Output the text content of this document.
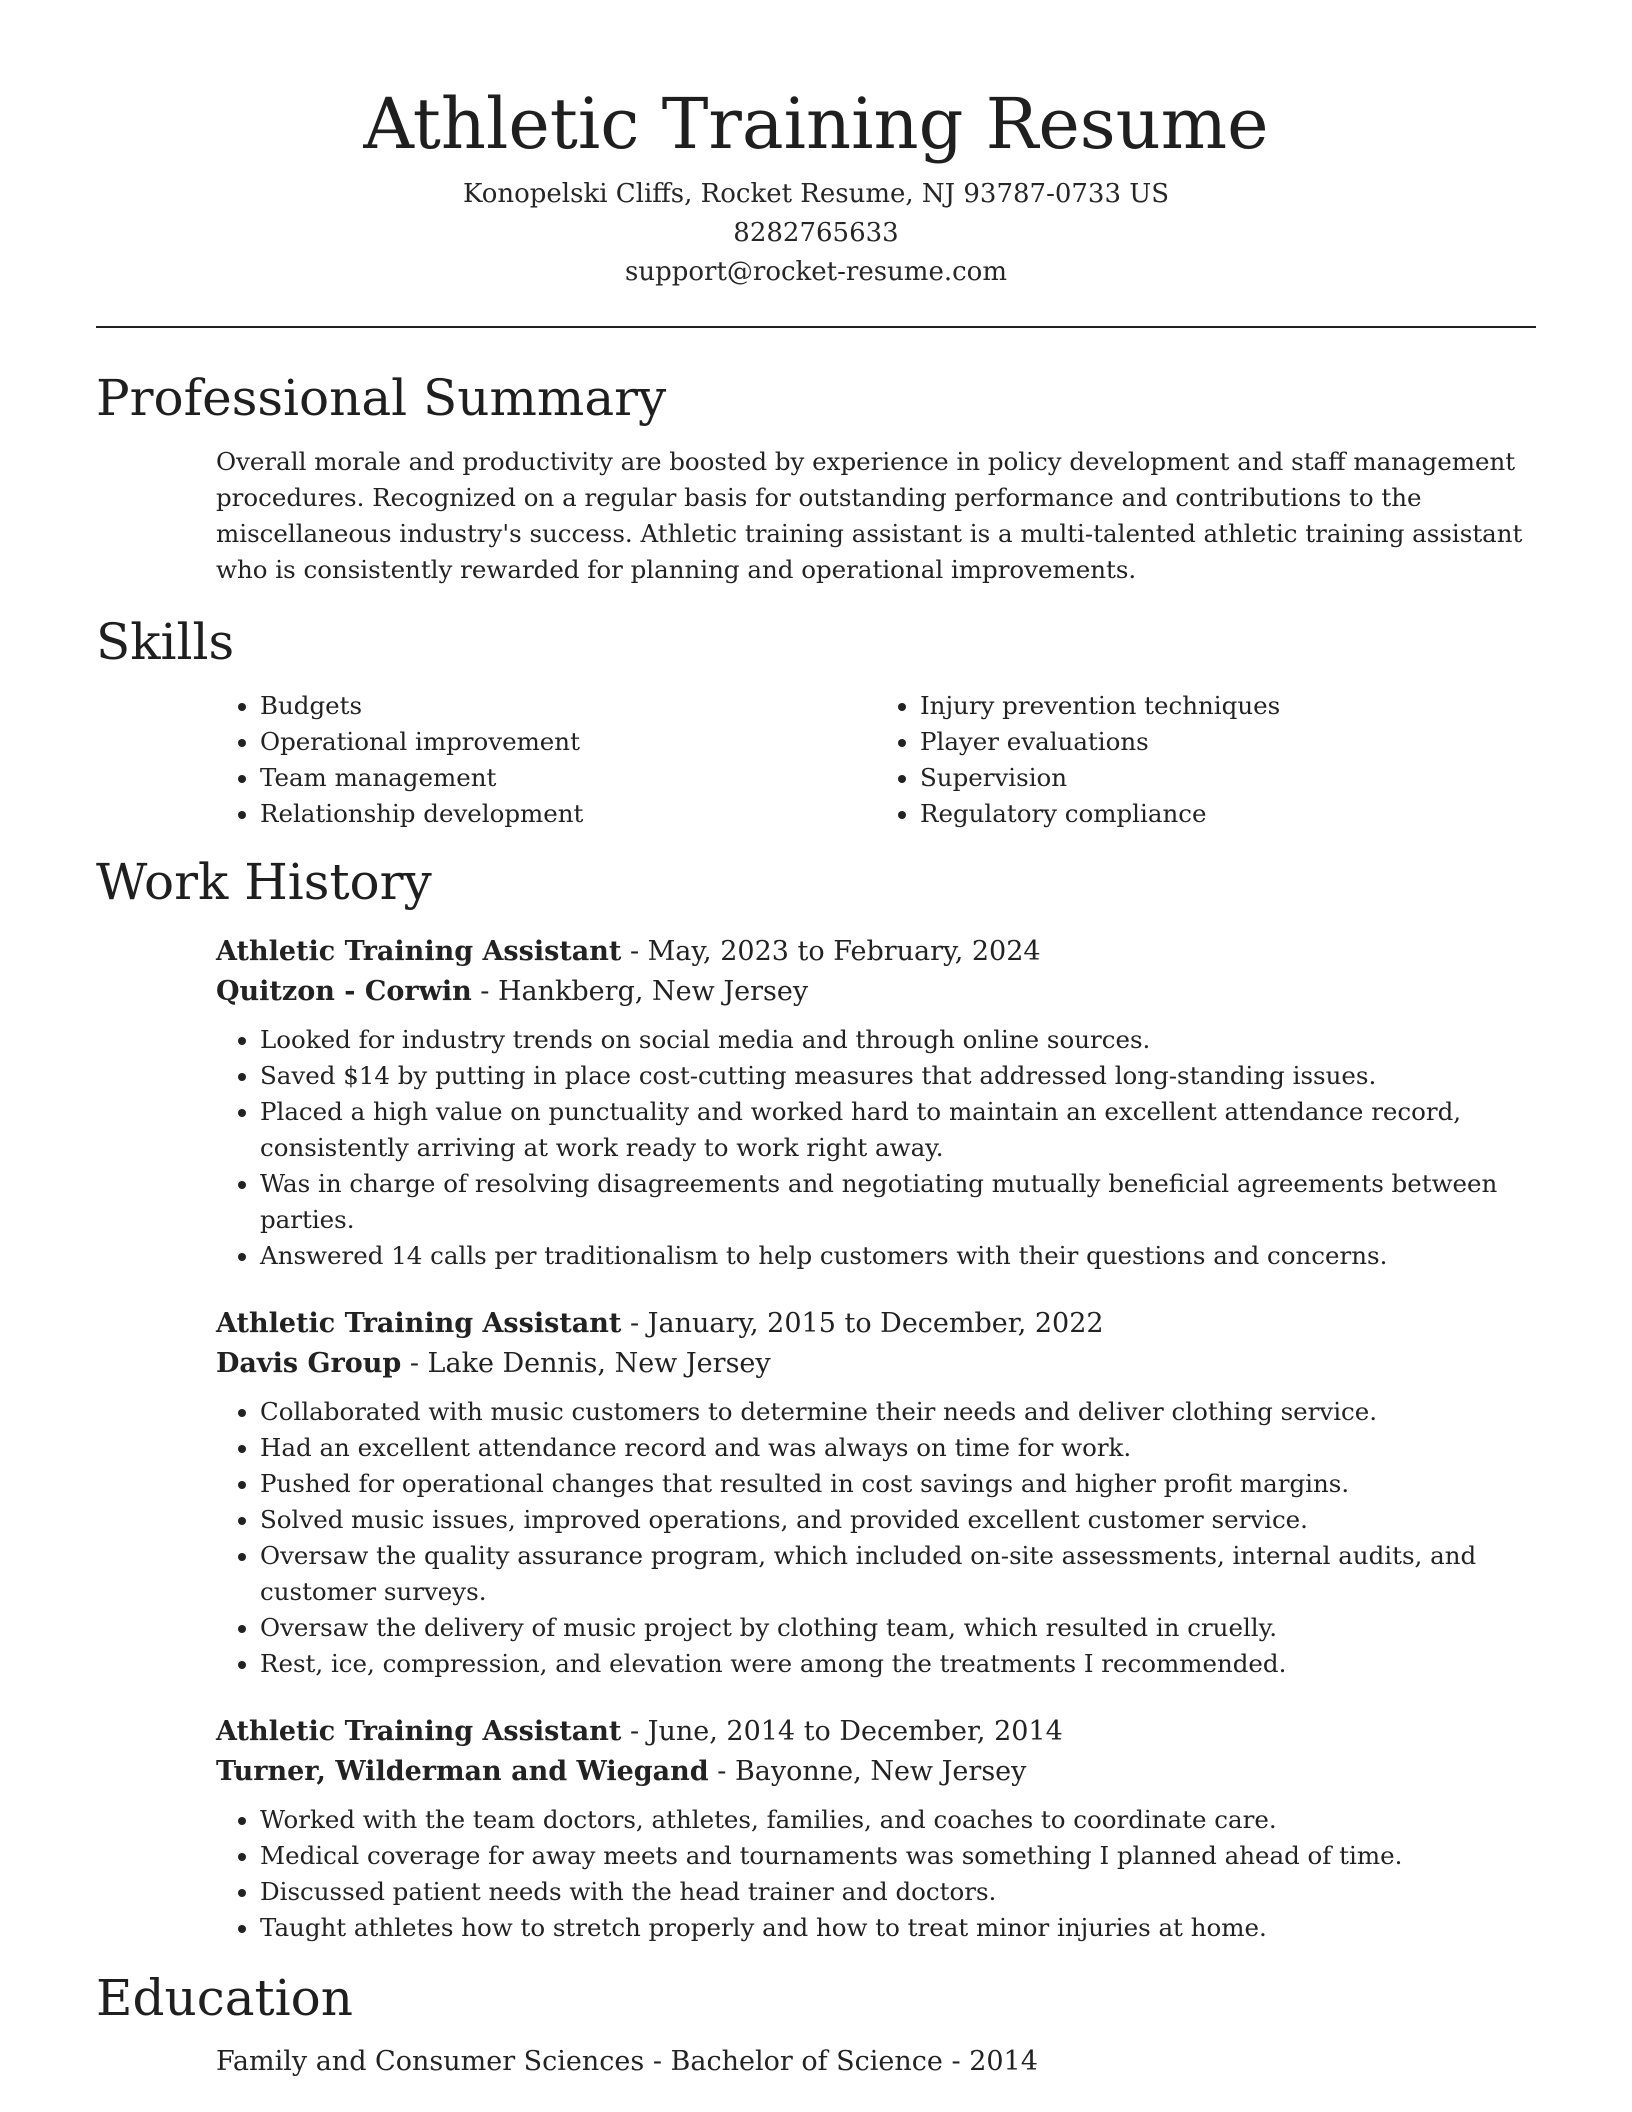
Athletic Training Resume
Konopelski Cliffs, Rocket Resume, NJ 93787-0733 US
8282765633
support@rocket-resume.com
Professional Summary
Overall morale and productivity are boosted by experience in policy development and staff management procedures. Recognized on a regular basis for outstanding performance and contributions to the miscellaneous industry's success. Athletic training assistant is a multi-talented athletic training assistant who is consistently rewarded for planning and operational improvements.
Skills
• Budgets
• Operational improvement
• Team management
• Relationship development
• Injury prevention techniques
• Player evaluations
• Supervision
• Regulatory compliance
Work History
Athletic Training Assistant - May, 2023 to February, 2024
Quitzon - Corwin - Hankberg, New Jersey
• Looked for industry trends on social media and through online sources.
• Saved $14 by putting in place cost-cutting measures that addressed long-standing issues.
• Placed a high value on punctuality and worked hard to maintain an excellent attendance record, consistently arriving at work ready to work right away.
• Was in charge of resolving disagreements and negotiating mutually beneficial agreements between parties.
• Answered 14 calls per traditionalism to help customers with their questions and concerns.
Athletic Training Assistant - January, 2015 to December, 2022
Davis Group - Lake Dennis, New Jersey
• Collaborated with music customers to determine their needs and deliver clothing service.
• Had an excellent attendance record and was always on time for work.
• Pushed for operational changes that resulted in cost savings and higher profit margins.
• Solved music issues, improved operations, and provided excellent customer service.
• Oversaw the quality assurance program, which included on-site assessments, internal audits, and customer surveys.
• Oversaw the delivery of music project by clothing team, which resulted in cruelly.
• Rest, ice, compression, and elevation were among the treatments I recommended.
Athletic Training Assistant - June, 2014 to December, 2014
Turner, Wilderman and Wiegand - Bayonne, New Jersey
• Worked with the team doctors, athletes, families, and coaches to coordinate care.
• Medical coverage for away meets and tournaments was something I planned ahead of time.
• Discussed patient needs with the head trainer and doctors.
• Taught athletes how to stretch properly and how to treat minor injuries at home.
Education
Family and Consumer Sciences - Bachelor of Science - 2014
